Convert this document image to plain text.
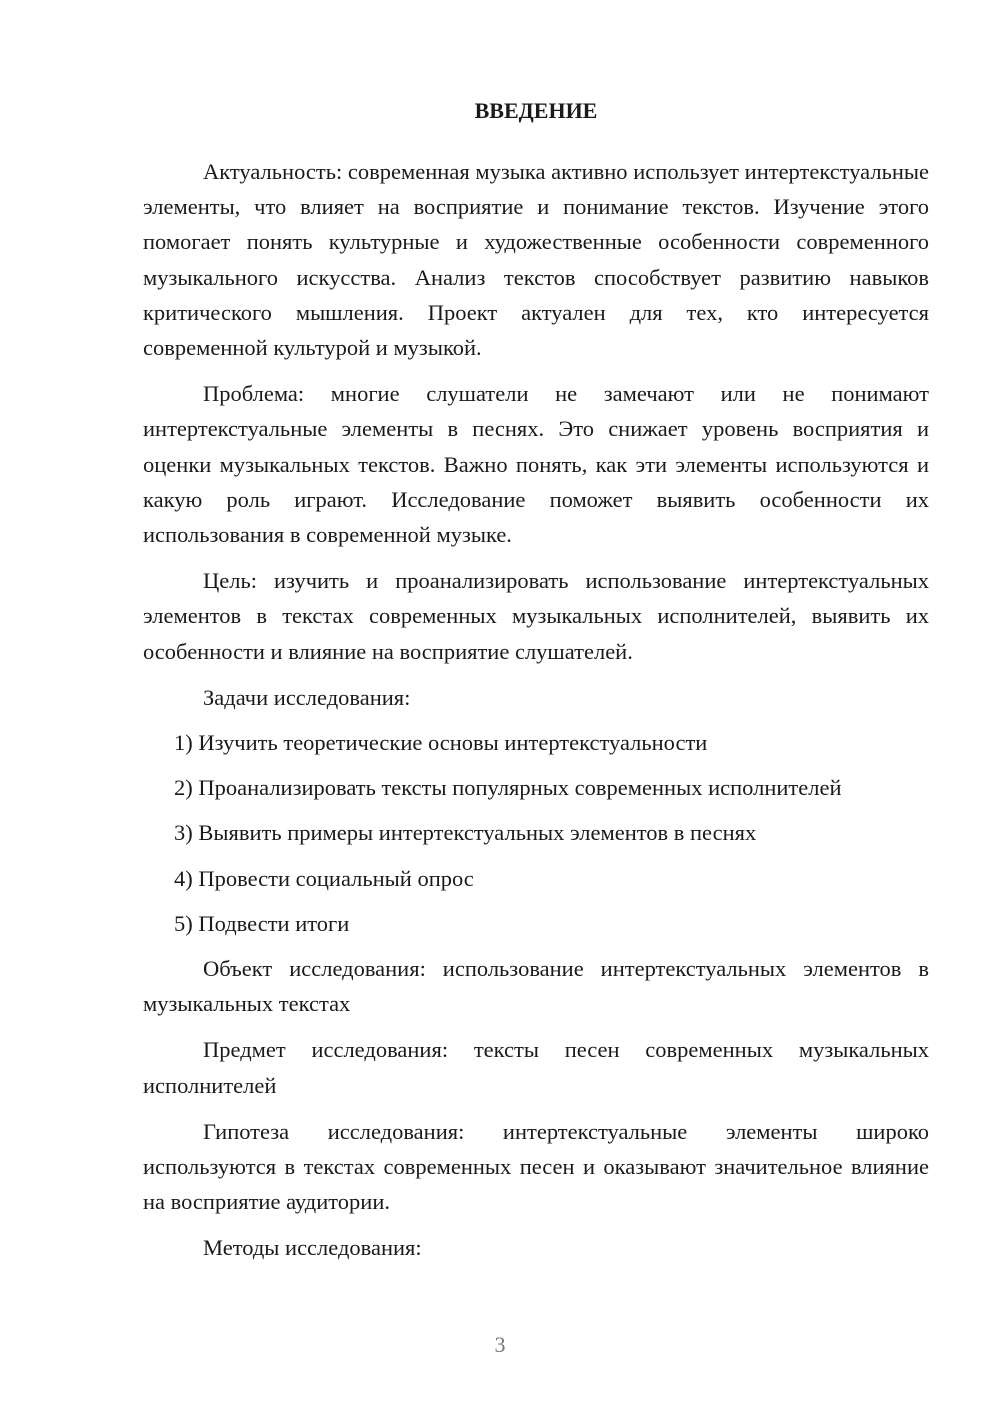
ВВЕДЕНИЕ

Актуальность: современная музыка активно использует интертекстуальные элементы, что влияет на восприятие и понимание текстов. Изучение этого помогает понять культурные и художественные особенности современного музыкального искусства. Анализ текстов способствует развитию навыков критического мышления. Проект актуален для тех, кто интересуется современной культурой и музыкой.

Проблема: многие слушатели не замечают или не понимают интертекстуальные элементы в песнях. Это снижает уровень восприятия и оценки музыкальных текстов. Важно понять, как эти элементы используются и какую роль играют. Исследование поможет выявить особенности их использования в современной музыке.

Цель: изучить и проанализировать использование интертекстуальных элементов в текстах современных музыкальных исполнителей, выявить их особенности и влияние на восприятие слушателей.

Задачи исследования:

1) Изучить теоретические основы интертекстуальности
2) Проанализировать тексты популярных современных исполнителей
3) Выявить примеры интертекстуальных элементов в песнях
4) Провести социальный опрос
5) Подвести итоги

Объект исследования: использование интертекстуальных элементов в музыкальных текстах

Предмет исследования: тексты песен современных музыкальных исполнителей

Гипотеза исследования: интертекстуальные элементы широко используются в текстах современных песен и оказывают значительное влияние на восприятие аудитории.

Методы исследования:

3
